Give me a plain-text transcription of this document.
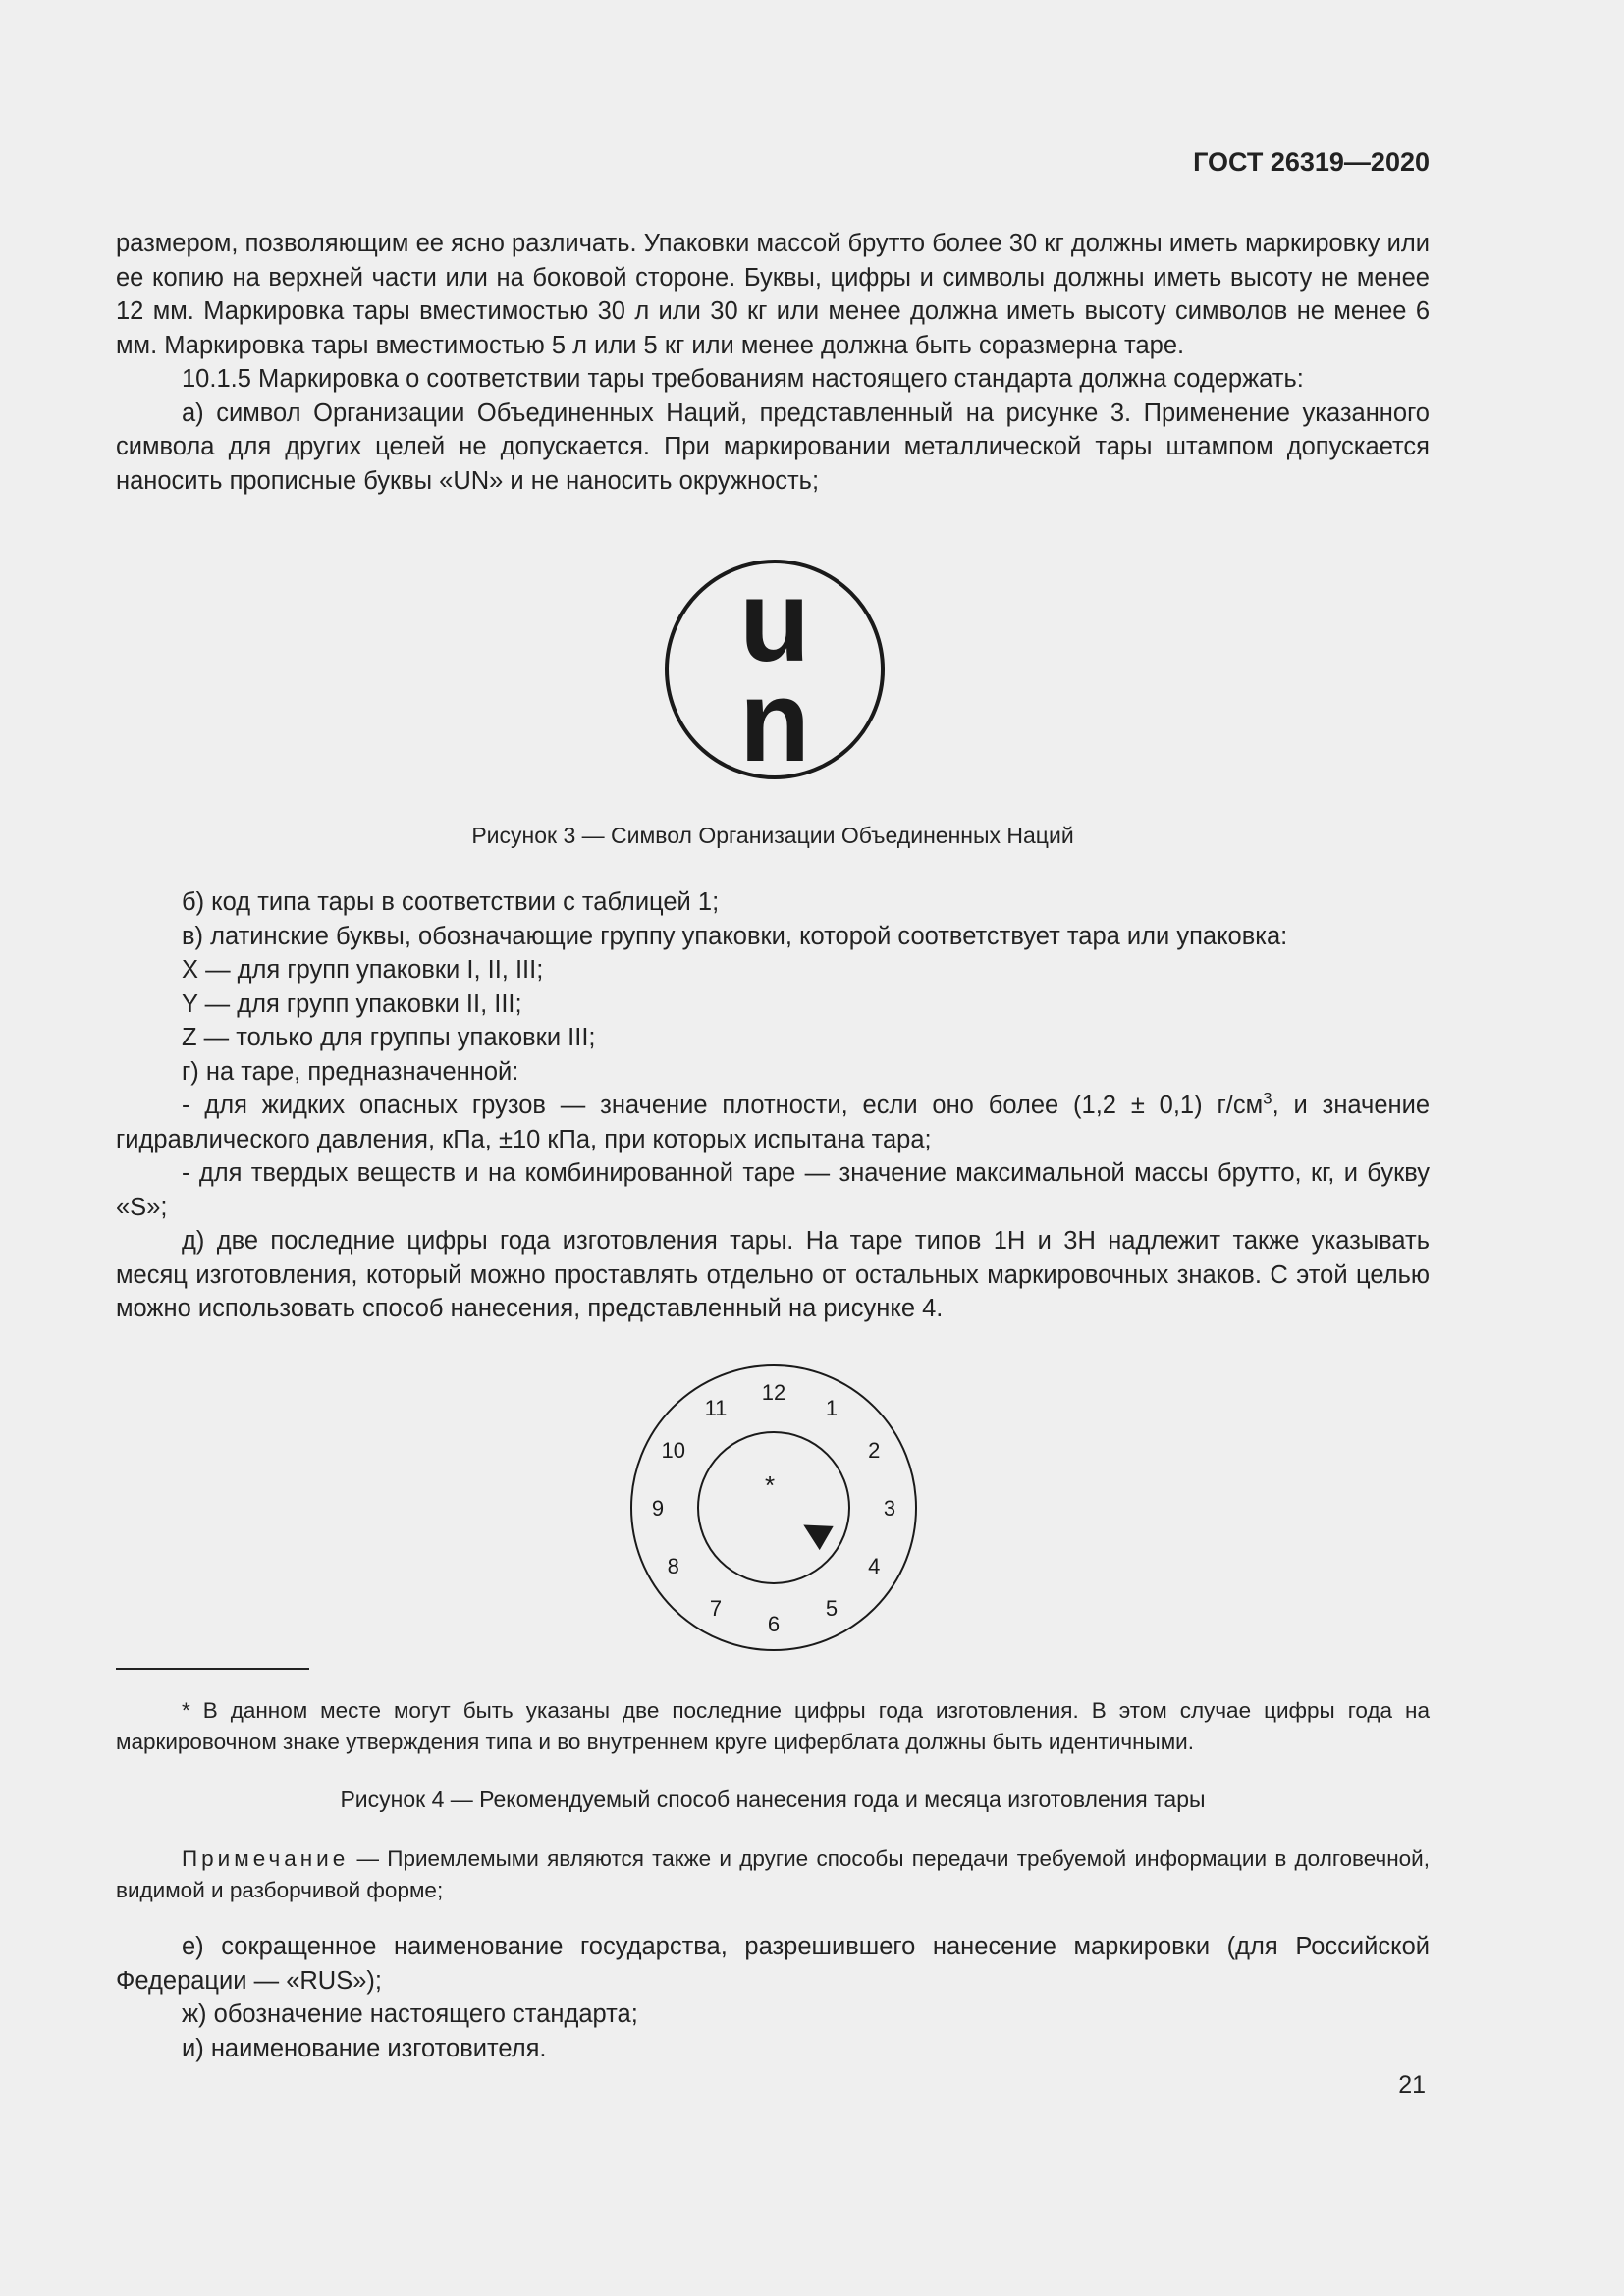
ГОСТ 26319—2020

размером, позволяющим ее ясно различать. Упаковки массой брутто более 30 кг должны иметь маркировку или ее копию на верхней части или на боковой стороне. Буквы, цифры и символы должны иметь высоту не менее 12 мм. Маркировка тары вместимостью 30 л или 30 кг или менее должна иметь высоту символов не менее 6 мм. Маркировка тары вместимостью 5 л или 5 кг или менее должна быть соразмерна таре.

10.1.5 Маркировка о соответствии тары требованиям настоящего стандарта должна содержать:

а) символ Организации Объединенных Наций, представленный на рисунке 3. Применение указанного символа для других целей не допускается. При маркировании металлической тары штампом допускается наносить прописные буквы «UN» и не наносить окружность;

u
n
Рисунок 3 — Символ Организации Объединенных Наций

б) код типа тары в соответствии с таблицей 1;

в) латинские буквы, обозначающие группу упаковки, которой соответствует тара или упаковка:

X — для групп упаковки I, II, III;

Y — для групп упаковки II, III;

Z — только для группы упаковки III;

г) на таре, предназначенной:

- для жидких опасных грузов — значение плотности, если оно более (1,2 ± 0,1) $г/см^3$, и значение гидравлического давления, кПа, ±10 кПа, при которых испытана тара;

- для твердых веществ и на комбинированной таре — значение максимальной массы брутто, кг, и букву «S»;

д) две последние цифры года изготовления тары. На таре типов 1H и 3H надлежит также указывать месяц изготовления, который можно проставлять отдельно от остальных маркировочных знаков. С этой целью можно использовать способ нанесения, представленный на рисунке 4.

12
1
2
3
4
5
6
7
8
9
10
11
*

* В данном месте могут быть указаны две последние цифры года изготовления. В этом случае цифры года на маркировочном знаке утверждения типа и во внутреннем круге циферблата должны быть идентичными.

Рисунок 4 — Рекомендуемый способ нанесения года и месяца изготовления тары

Примечание — Приемлемыми являются также и другие способы передачи требуемой информации в долговечной, видимой и разборчивой форме;

е) сокращенное наименование государства, разрешившего нанесение маркировки (для Российской Федерации — «RUS»);

ж) обозначение настоящего стандарта;

и) наименование изготовителя.

21
